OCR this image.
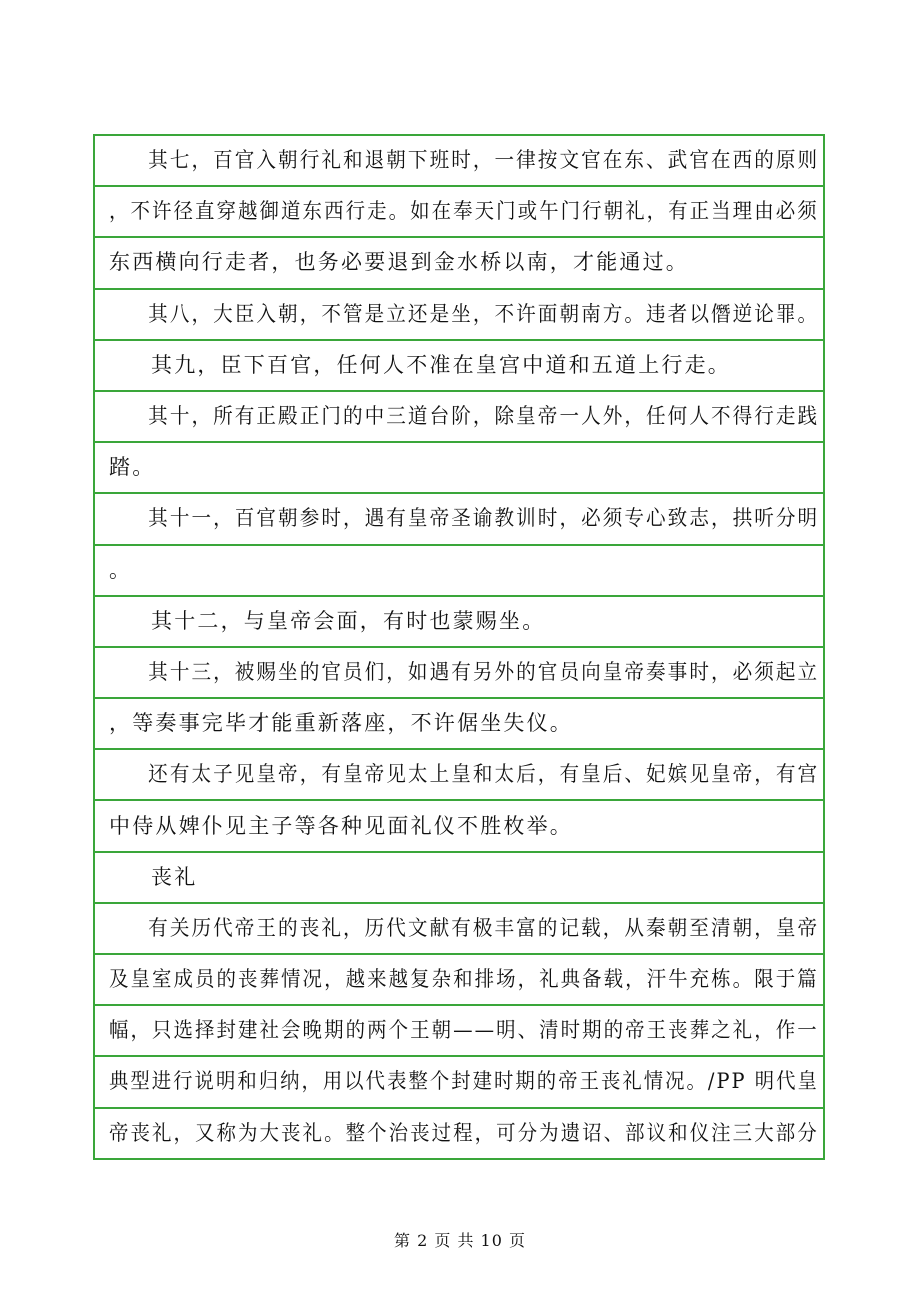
其七，百官入朝行礼和退朝下班时，一律按文官在东、武官在西的原则
，不许径直穿越御道东西行走。如在奉天门或午门行朝礼，有正当理由必须
东西横向行走者，也务必要退到金水桥以南，才能通过。
其八，大臣入朝，不管是立还是坐，不许面朝南方。违者以僭逆论罪。
其九，臣下百官，任何人不准在皇宫中道和五道上行走。
其十，所有正殿正门的中三道台阶，除皇帝一人外，任何人不得行走践
踏。
其十一，百官朝参时，遇有皇帝圣谕教训时，必须专心致志，拱听分明
。
其十二，与皇帝会面，有时也蒙赐坐。
其十三，被赐坐的官员们，如遇有另外的官员向皇帝奏事时，必须起立
，等奏事完毕才能重新落座，不许倨坐失仪。
还有太子见皇帝，有皇帝见太上皇和太后，有皇后、妃嫔见皇帝，有宫
中侍从婢仆见主子等各种见面礼仪不胜枚举。
丧礼
有关历代帝王的丧礼，历代文献有极丰富的记载，从秦朝至清朝，皇帝
及皇室成员的丧葬情况，越来越复杂和排场，礼典备载，汗牛充栋。限于篇
幅，只选择封建社会晚期的两个王朝——明、清时期的帝王丧葬之礼，作一
典型进行说明和归纳，用以代表整个封建时期的帝王丧礼情况。/PP 明代皇
帝丧礼，又称为大丧礼。整个治丧过程，可分为遗诏、部议和仪注三大部分
第 2 页 共 10 页
